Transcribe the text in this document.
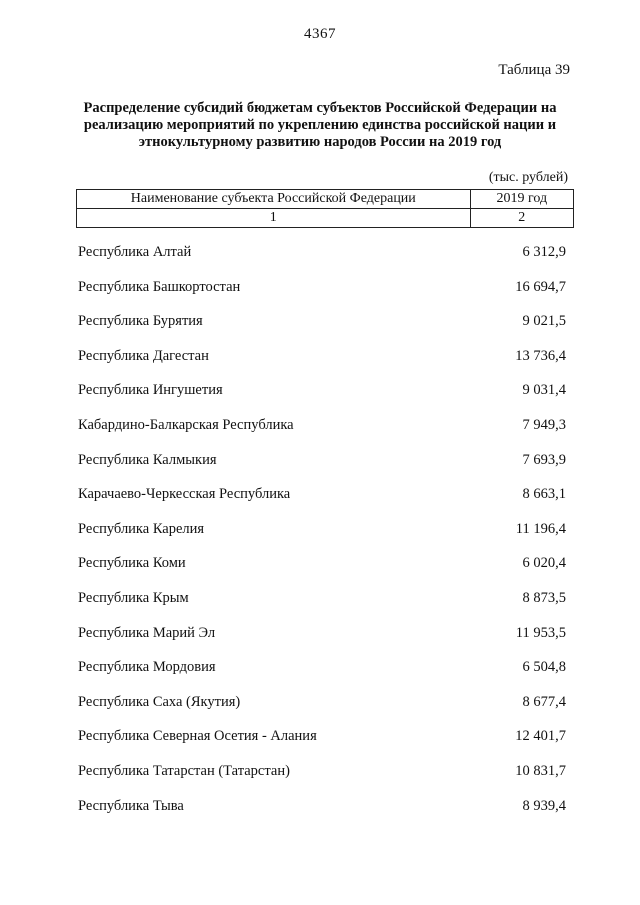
4367
Таблица 39
Распределение субсидий бюджетам субъектов Российской Федерации на
реализацию мероприятий по укреплению единства российской нации и
этнокультурному развитию народов России на 2019 год
(тыс. рублей)
Наименование субъекта Российской Федерации	2019 год
1	2
Республика Алтай	6 312,9
Республика Башкортостан	16 694,7
Республика Бурятия	9 021,5
Республика Дагестан	13 736,4
Республика Ингушетия	9 031,4
Кабардино-Балкарская Республика	7 949,3
Республика Калмыкия	7 693,9
Карачаево-Черкесская Республика	8 663,1
Республика Карелия	11 196,4
Республика Коми	6 020,4
Республика Крым	8 873,5
Республика Марий Эл	11 953,5
Республика Мордовия	6 504,8
Республика Саха (Якутия)	8 677,4
Республика Северная Осетия - Алания	12 401,7
Республика Татарстан (Татарстан)	10 831,7
Республика Тыва	8 939,4
